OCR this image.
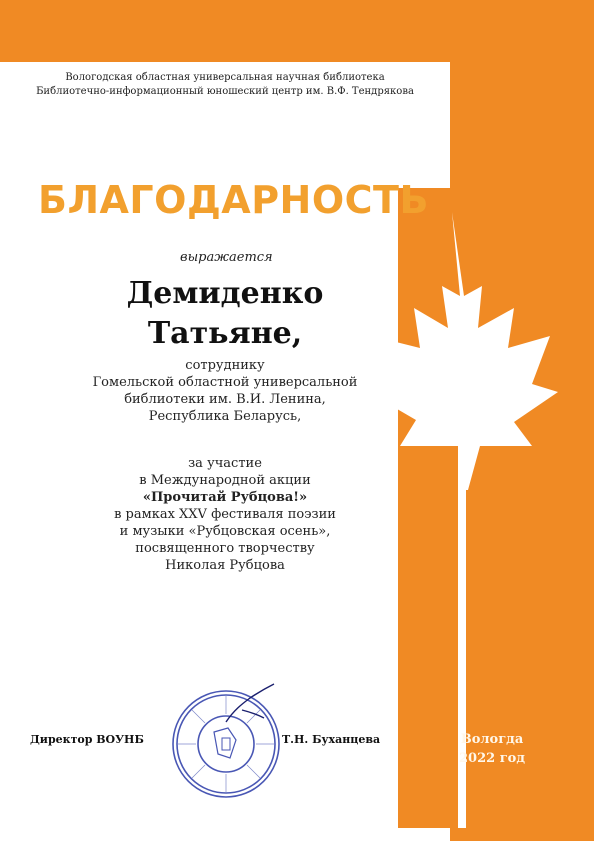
Вологодская областная универсальная научная библиотека
Библиотечно-информационный юношеский центр им. В.Ф. Тендрякова
БЛАГОДАРНОСТЬ
выражается
Демиденко
Татьяне,
сотруднику
Гомельской областной универсальной
библиотеки им. В.И. Ленина,
Республика Беларусь,
за участие
в Международной акции
«Прочитай Рубцова!»
в рамках XXV фестиваля поэзии
и музыки «Рубцовская осень»,
посвященного творчеству
Николая Рубцова
Директор ВОУНБ	Т.Н. Буханцева	Вологда
2022 год
